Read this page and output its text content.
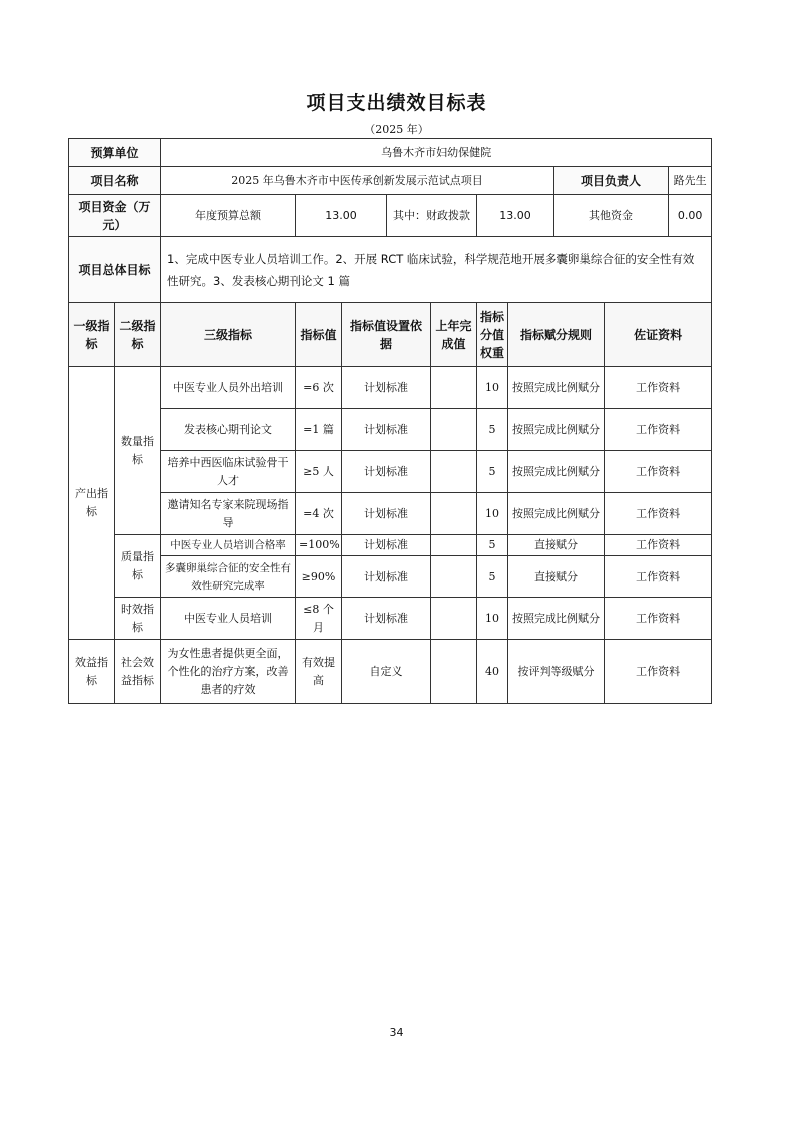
项目支出绩效目标表
（2025 年）
预算单位		乌鲁木齐市妇幼保健院									
项目名称		2025 年乌鲁木齐市中医传承创新发展示范试点项目							项目负责人		路先生
项目资金（万元）		年度预算总额	13.00		其中：财政拨款		13.00		其他资金		0.00
项目总体目标		1、完成中医专业人员培训工作。2、开展 RCT 临床试验，科学规范地开展多囊卵巢综合征的安全性有效性研究。3、发表核心期刊论文 1 篇									
一级指标	二级指标	三级指标	指标值	指标值设置依据		上年完成值	指标分值权重	指标赋分规则		佐证资料	
产出指标	数量指标	中医专业人员外出培训	=6 次	计划标准			10	按照完成比例赋分		工作资料	
		发表核心期刊论文	=1 篇	计划标准			5	按照完成比例赋分		工作资料	
		培养中西医临床试验骨干人才	≥5 人	计划标准			5	按照完成比例赋分		工作资料	
		邀请知名专家来院现场指导	=4 次	计划标准			10	按照完成比例赋分		工作资料	
	质量指标	中医专业人员培训合格率	=100%	计划标准			5	直接赋分		工作资料	
		多囊卵巢综合征的安全性有效性研究完成率	≥90%	计划标准			5	直接赋分		工作资料	
	时效指标	中医专业人员培训	≤8 个月	计划标准			10	按照完成比例赋分		工作资料	
效益指标	社会效益指标	为女性患者提供更全面，个性化的治疗方案，改善患者的疗效	有效提高	自定义			40	按评判等级赋分		工作资料	
34
